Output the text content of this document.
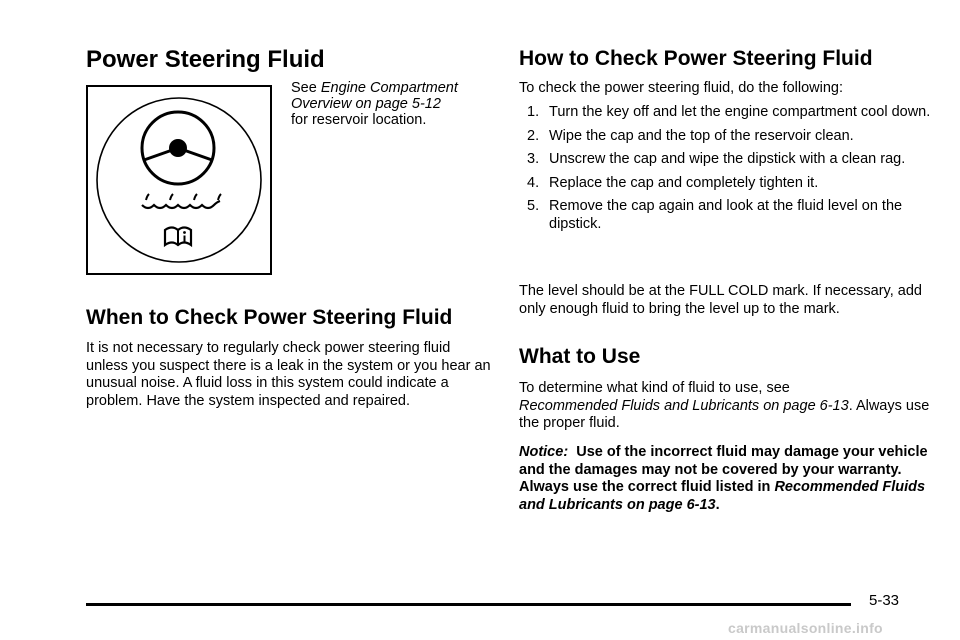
Power Steering Fluid
See Engine Compartment Overview on page 5-12
for reservoir location.
When to Check Power Steering Fluid

It is not necessary to regularly check power steering fluid unless you suspect there is a leak in the system or you hear an unusual noise. A fluid loss in this system could indicate a problem. Have the system inspected and repaired.

How to Check Power Steering Fluid

To check the power steering fluid, do the following:

1. Turn the key off and let the engine compartment cool down.
2. Wipe the cap and the top of the reservoir clean.
3. Unscrew the cap and wipe the dipstick with a clean rag.
4. Replace the cap and completely tighten it.
5. Remove the cap again and look at the fluid level on the dipstick.

The level should be at the FULL COLD mark. If necessary, add only enough fluid to bring the level up to the mark.

What to Use

To determine what kind of fluid to use, see
Recommended Fluids and Lubricants on page 6-13. Always use the proper fluid.

Notice: Use of the incorrect fluid may damage your vehicle and the damages may not be covered by your warranty. Always use the correct fluid listed in Recommended Fluids and Lubricants on page 6-13.

5-33
carmanualsonline.info
